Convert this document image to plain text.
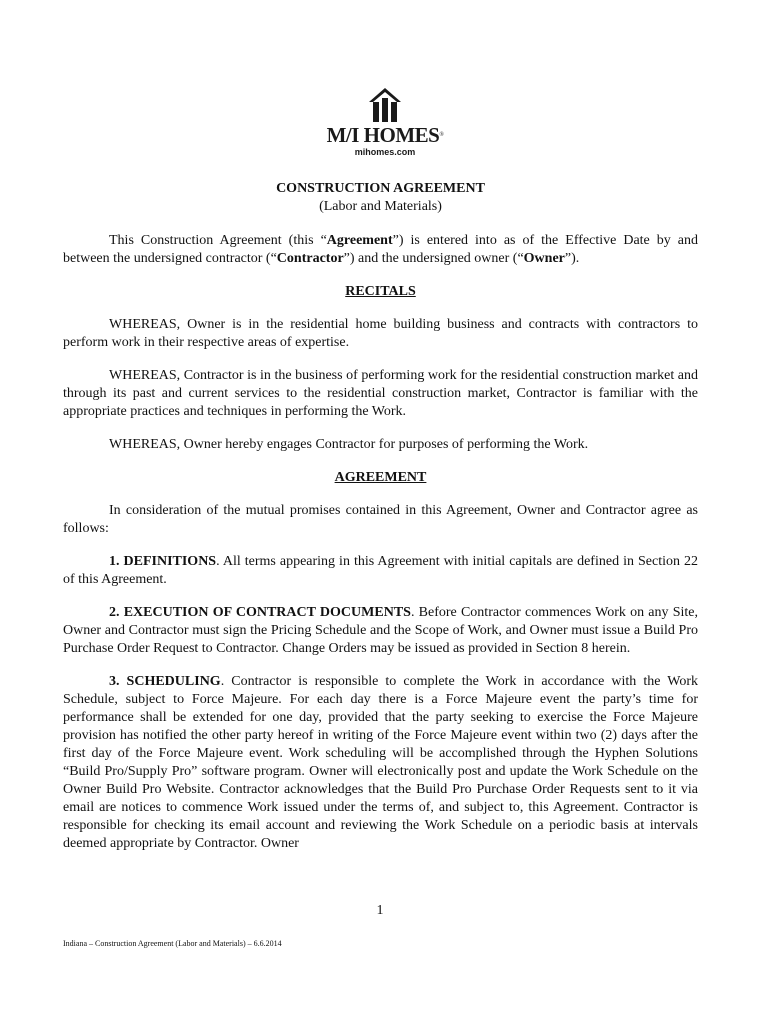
M/I HOMES®
mihomes.com
CONSTRUCTION AGREEMENT
(Labor and Materials)

This Construction Agreement (this “Agreement”) is entered into as of the Effective Date by and between the undersigned contractor (“Contractor”) and the undersigned owner (“Owner”).

RECITALS

WHEREAS, Owner is in the residential home building business and contracts with contractors to perform work in their respective areas of expertise.

WHEREAS, Contractor is in the business of performing work for the residential construction market and through its past and current services to the residential construction market, Contractor is familiar with the appropriate practices and techniques in performing the Work.

WHEREAS, Owner hereby engages Contractor for purposes of performing the Work.

AGREEMENT

In consideration of the mutual promises contained in this Agreement, Owner and Contractor agree as follows:

1. DEFINITIONS. All terms appearing in this Agreement with initial capitals are defined in Section 22 of this Agreement.

2. EXECUTION OF CONTRACT DOCUMENTS. Before Contractor commences Work on any Site, Owner and Contractor must sign the Pricing Schedule and the Scope of Work, and Owner must issue a Build Pro Purchase Order Request to Contractor. Change Orders may be issued as provided in Section 8 herein.

3. SCHEDULING. Contractor is responsible to complete the Work in accordance with the Work Schedule, subject to Force Majeure. For each day there is a Force Majeure event the party’s time for performance shall be extended for one day, provided that the party seeking to exercise the Force Majeure provision has notified the other party hereof in writing of the Force Majeure event within two (2) days after the first day of the Force Majeure event. Work scheduling will be accomplished through the Hyphen Solutions “Build Pro/Supply Pro” software program. Owner will electronically post and update the Work Schedule on the Owner Build Pro Website. Contractor acknowledges that the Build Pro Purchase Order Requests sent to it via email are notices to commence Work issued under the terms of, and subject to, this Agreement. Contractor is responsible for checking its email account and reviewing the Work Schedule on a periodic basis at intervals deemed appropriate by Contractor. Owner

1
Indiana – Construction Agreement (Labor and Materials) – 6.6.2014
